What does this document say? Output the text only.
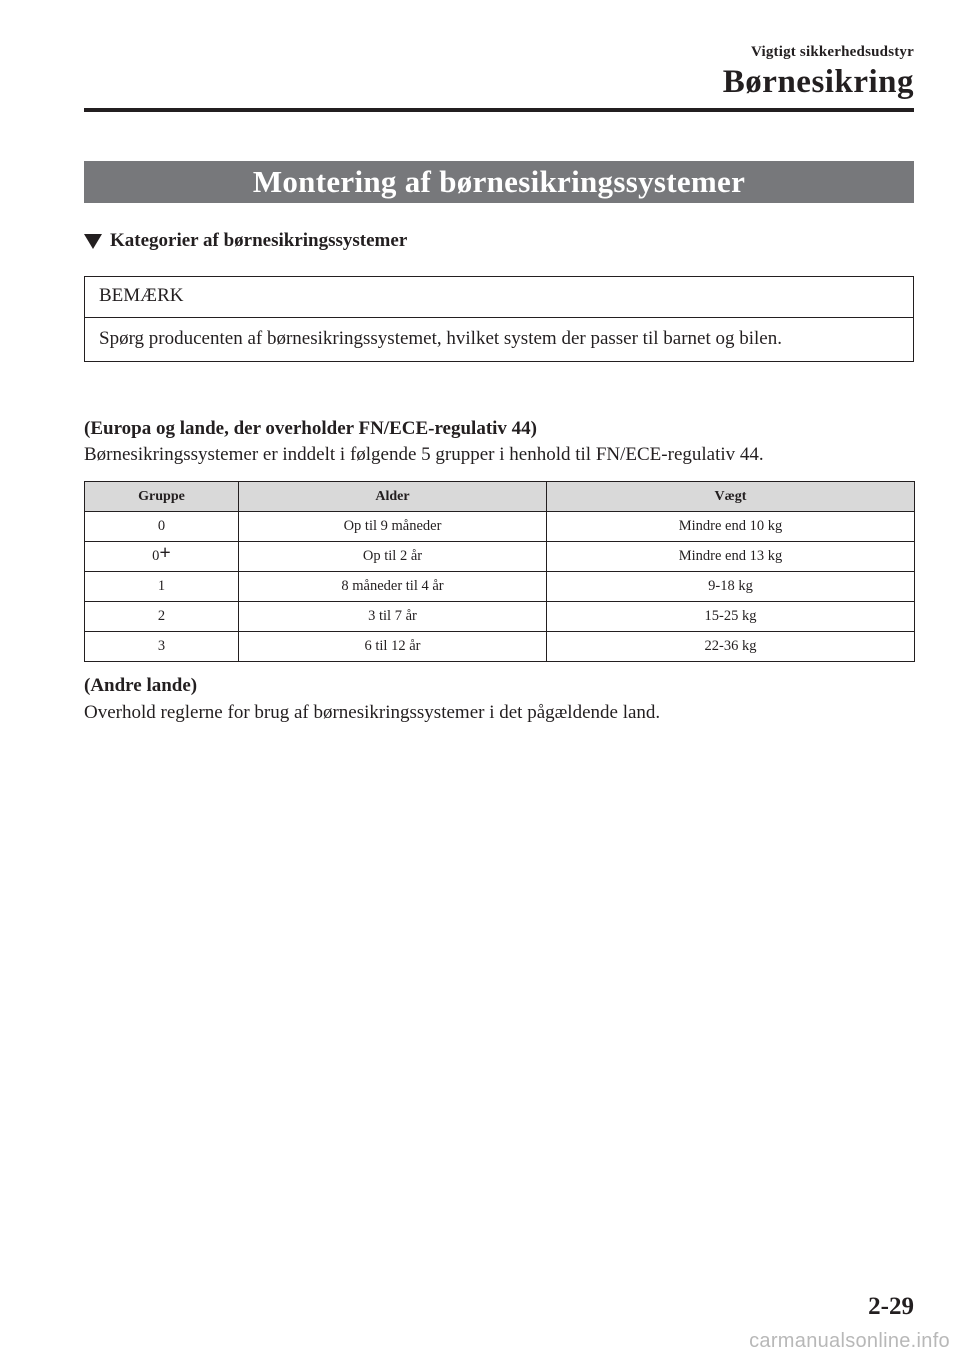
Vigtigt sikkerhedsudstyr
Børnesikring
Montering af børnesikringssystemer
Kategorier af børnesikringssystemer
BEMÆRK
Spørg producenten af børnesikringssystemet, hvilket system der passer til barnet og bilen.
(Europa og lande, der overholder FN/ECE-regulativ 44)
Børnesikringssystemer er inddelt i følgende 5 grupper i henhold til FN/ECE-regulativ 44.
Gruppe	Alder	Vægt
0	Op til 9 måneder	Mindre end 10 kg
0+	Op til 2 år	Mindre end 13 kg
1	8 måneder til 4 år	9-18 kg
2	3 til 7 år	15-25 kg
3	6 til 12 år	22-36 kg
(Andre lande)
Overhold reglerne for brug af børnesikringssystemer i det pågældende land.
2-29
carmanualsonline.info
